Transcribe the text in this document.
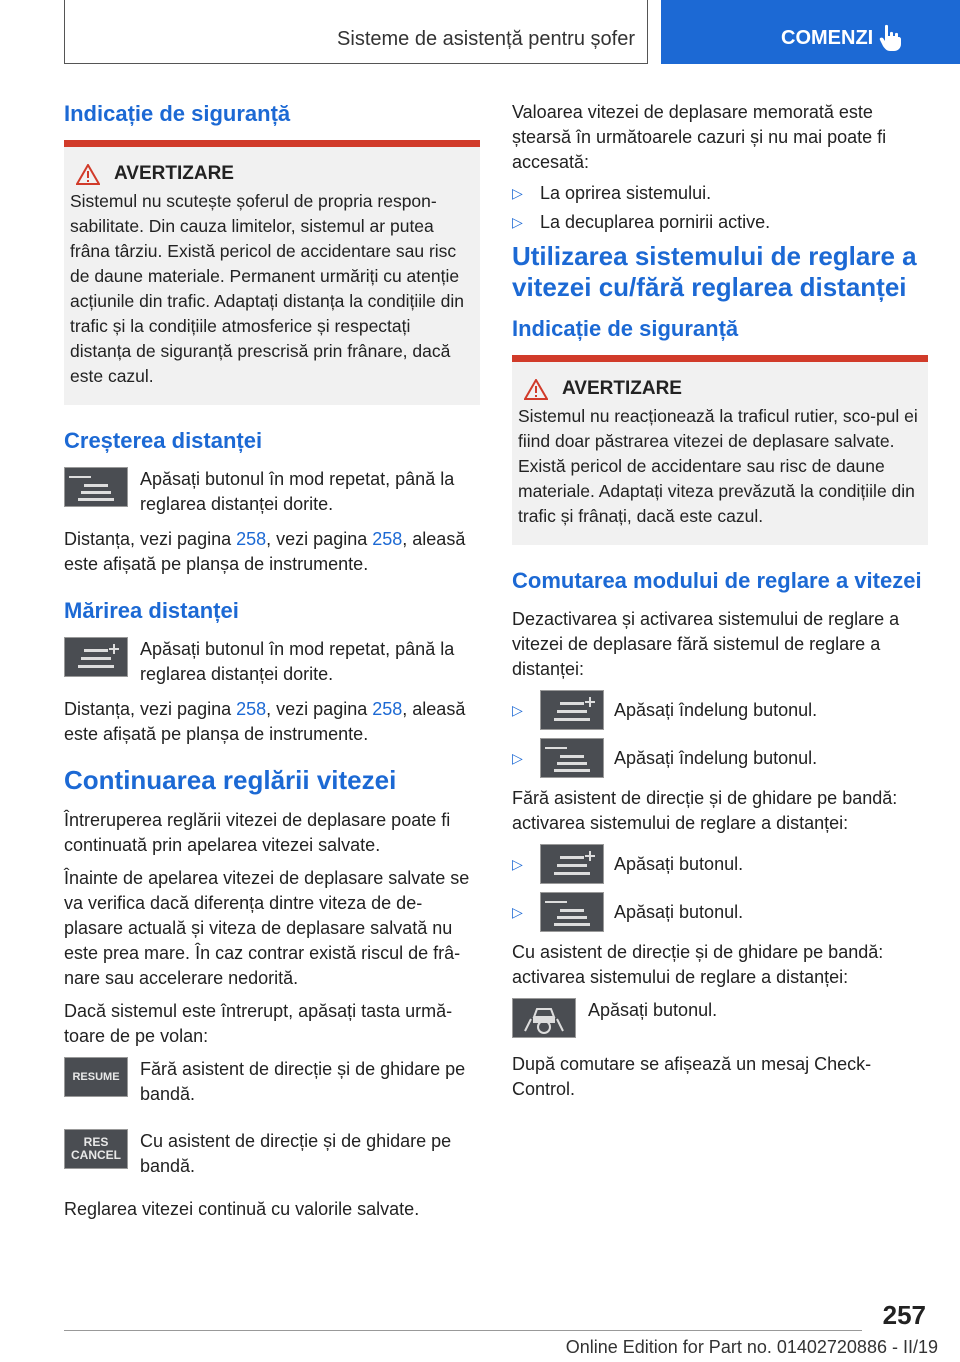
Sisteme de asistență pentru șofer	COMENZI
Indicație de siguranță
AVERTIZARE

Sistemul nu scutește șoferul de propria respon-sabilitate. Din cauza limitelor, sistemul ar putea frâna târziu. Există pericol de accidentare sau risc de daune materiale. Permanent urmăriți cu atenție acțiunile din trafic. Adaptați distanța la condițiile din trafic și la condițiile atmosferice și respectați distanța de siguranță prescrisă prin frânare, dacă este cazul.

Creșterea distanței
Apăsați butonul în mod repetat, până la reglarea distanței dorite.

Distanța, vezi pagina 258, vezi pagina 258, aleasă este afișată pe planșa de instrumente.

Mărirea distanței
Apăsați butonul în mod repetat, până la reglarea distanței dorite.

Distanța, vezi pagina 258, vezi pagina 258, aleasă este afișată pe planșa de instrumente.

Continuarea reglării vitezei

Întreruperea reglării vitezei de deplasare poate fi continuată prin apelarea vitezei salvate.

Înainte de apelarea vitezei de deplasare salvate se va verifica dacă diferența dintre viteza de de-plasare actuală și viteza de deplasare salvată nu este prea mare. În caz contrar există riscul de frâ-nare sau accelerare nedorită.

Dacă sistemul este întrerupt, apăsați tasta urmă-toare de pe volan:

RESUME	Fără asistent de direcție și de ghidare pe bandă.
RES
CANCEL
Cu asistent de direcție și de ghidare pe bandă.

Reglarea vitezei continuă cu valorile salvate.

Valoarea vitezei de deplasare memorată este ștearsă în următoarele cazuri și nu mai poate fi accesată:

▷ La oprirea sistemului.
▷ La decuplarea pornirii active.
Utilizarea sistemului de reglare a vitezei cu/fără reglarea distanței
Indicație de siguranță
AVERTIZARE

Sistemul nu reacționează la traficul rutier, sco-pul ei fiind doar păstrarea vitezei de deplasare salvate. Există pericol de accidentare sau risc de daune materiale. Adaptați viteza prevăzută la condițiile din trafic și frânați, dacă este cazul.

Comutarea modului de reglare a vitezei

Dezactivarea și activarea sistemului de reglare a vitezei de deplasare fără sistemul de reglare a distanței:

▷	Apăsați îndelung butonul.
▷	Apăsați îndelung butonul.

Fără asistent de direcție și de ghidare pe bandă: activarea sistemului de reglare a distanței:

▷	Apăsați butonul.
▷	Apăsați butonul.

Cu asistent de direcție și de ghidare pe bandă: activarea sistemului de reglare a distanței:

Apăsați butonul.

După comutare se afișează un mesaj Check-Control.

257
Online Edition for Part no. 01402720886 - II/19
